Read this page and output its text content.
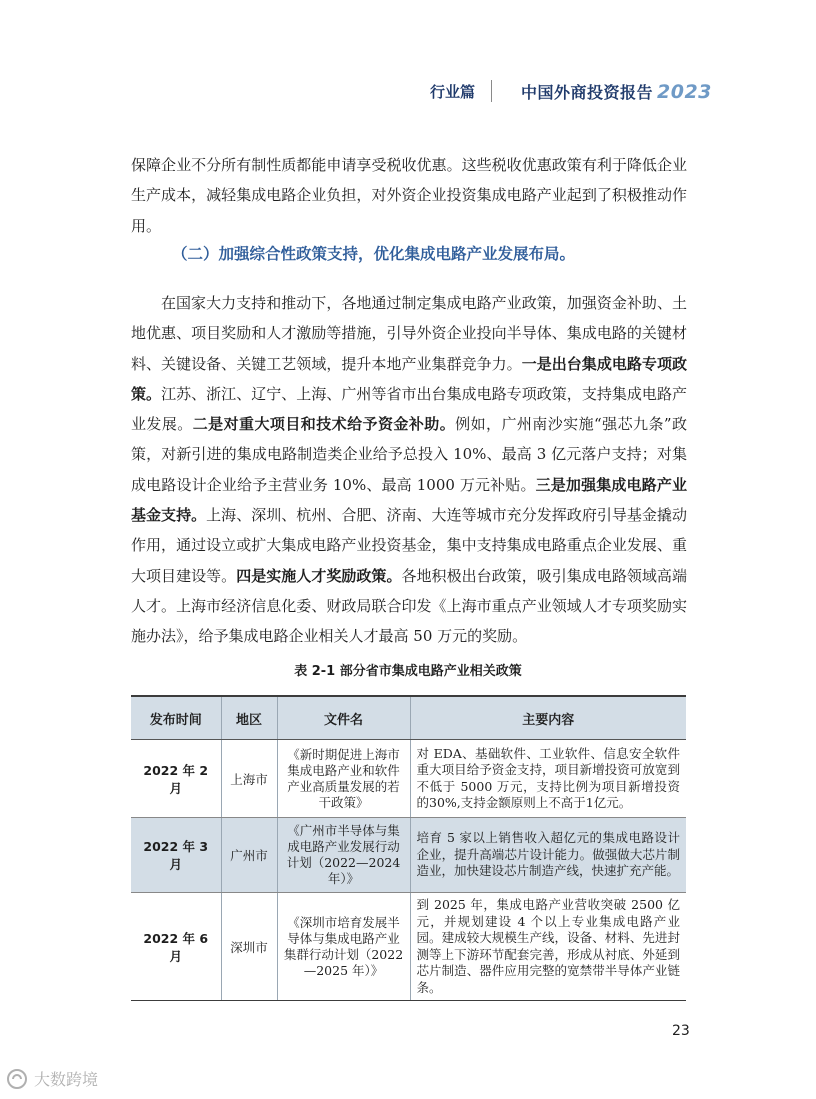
行业篇	中国外商投资报告 2023
保障企业不分所有制性质都能申请享受税收优惠。这些税收优惠政策有利于降低企业生产成本，减轻集成电路企业负担，对外资企业投资集成电路产业起到了积极推动作用。
（二）加强综合性政策支持，优化集成电路产业发展布局。
在国家大力支持和推动下，各地通过制定集成电路产业政策，加强资金补助、土地优惠、项目奖励和人才激励等措施，引导外资企业投向半导体、集成电路的关键材料、关键设备、关键工艺领域，提升本地产业集群竞争力。一是出台集成电路专项政策。江苏、浙江、辽宁、上海、广州等省市出台集成电路专项政策，支持集成电路产业发展。二是对重大项目和技术给予资金补助。例如，广州南沙实施“强芯九条”政策，对新引进的集成电路制造类企业给予总投入 10%、最高 3 亿元落户支持；对集成电路设计企业给予主营业务 10%、最高 1000 万元补贴。三是加强集成电路产业基金支持。上海、深圳、杭州、合肥、济南、大连等城市充分发挥政府引导基金撬动作用，通过设立或扩大集成电路产业投资基金，集中支持集成电路重点企业发展、重大项目建设等。四是实施人才奖励政策。各地积极出台政策，吸引集成电路领域高端人才。上海市经济信息化委、财政局联合印发《上海市重点产业领域人才专项奖励实施办法》，给予集成电路企业相关人才最高 50 万元的奖励。
表 2-1 部分省市集成电路产业相关政策
发布时间	地区	文件名	主要内容
2022 年 2 月	上海市	《新时期促进上海市集成电路产业和软件产业高质量发展的若干政策》	对 EDA、基础软件、工业软件、信息安全软件重大项目给予资金支持，项目新增投资可放宽到不低于 5000 万元，支持比例为项目新增投资的30%,支持金额原则上不高于1亿元。
2022 年 3 月	广州市	《广州市半导体与集成电路产业发展行动计划（2022—2024 年）》	培育 5 家以上销售收入超亿元的集成电路设计企业，提升高端芯片设计能力。做强做大芯片制造业，加快建设芯片制造产线，快速扩充产能。
2022 年 6 月	深圳市	《深圳市培育发展半导体与集成电路产业集群行动计划（2022—2025 年）》	到 2025 年，集成电路产业营收突破 2500 亿元，并规划建设 4 个以上专业集成电路产业园。建成较大规模生产线，设备、材料、先进封测等上下游环节配套完善，形成从衬底、外延到芯片制造、器件应用完整的宽禁带半导体产业链条。
23
大数跨境
